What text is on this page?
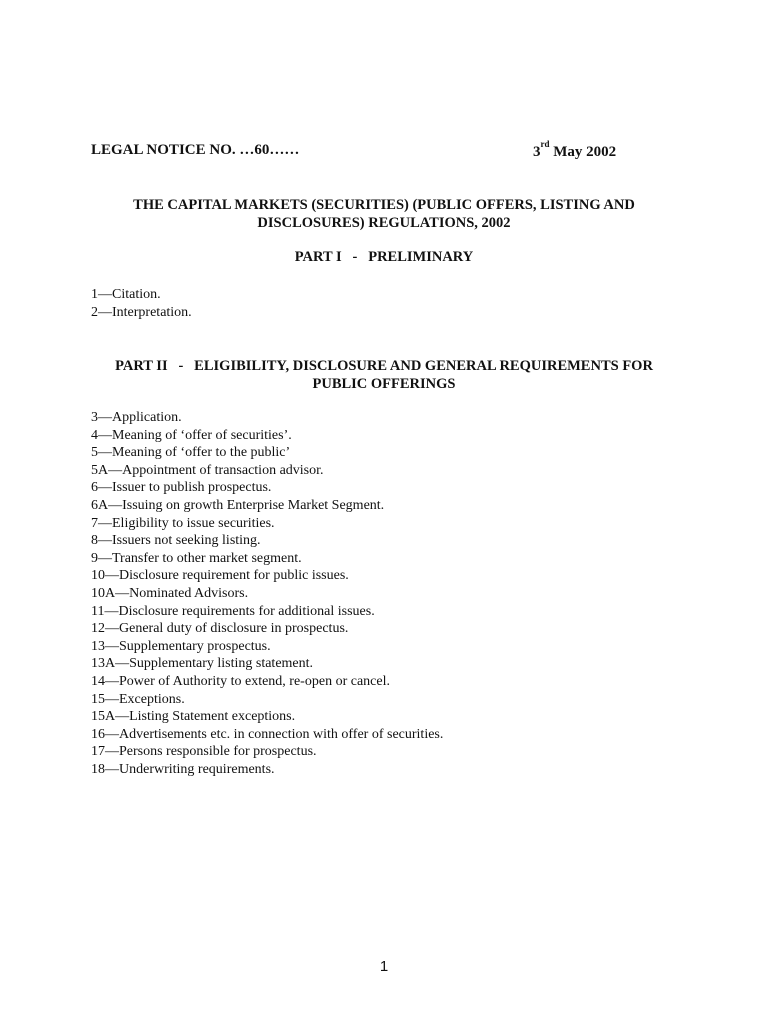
LEGAL NOTICE NO. …60……	3rd May 2002
THE CAPITAL MARKETS (SECURITIES) (PUBLIC OFFERS, LISTING AND DISCLOSURES) REGULATIONS, 2002
PART I   -   PRELIMINARY
1—Citation.
2—Interpretation.
PART II   -   ELIGIBILITY, DISCLOSURE AND GENERAL REQUIREMENTS FOR PUBLIC OFFERINGS
3—Application.
4—Meaning of ‘offer of securities’.
5—Meaning of ‘offer to the public’
5A—Appointment of transaction advisor.
6—Issuer to publish prospectus.
6A—Issuing on growth Enterprise Market Segment.
7—Eligibility to issue securities.
8—Issuers not seeking listing.
9—Transfer to other market segment.
10—Disclosure requirement for public issues.
10A—Nominated Advisors.
11—Disclosure requirements for additional issues.
12—General duty of disclosure in prospectus.
13—Supplementary prospectus.
13A—Supplementary listing statement.
14—Power of Authority to extend, re-open or cancel.
15—Exceptions.
15A—Listing Statement exceptions.
16—Advertisements etc. in connection with offer of securities.
17—Persons responsible for prospectus.
18—Underwriting requirements.
1
